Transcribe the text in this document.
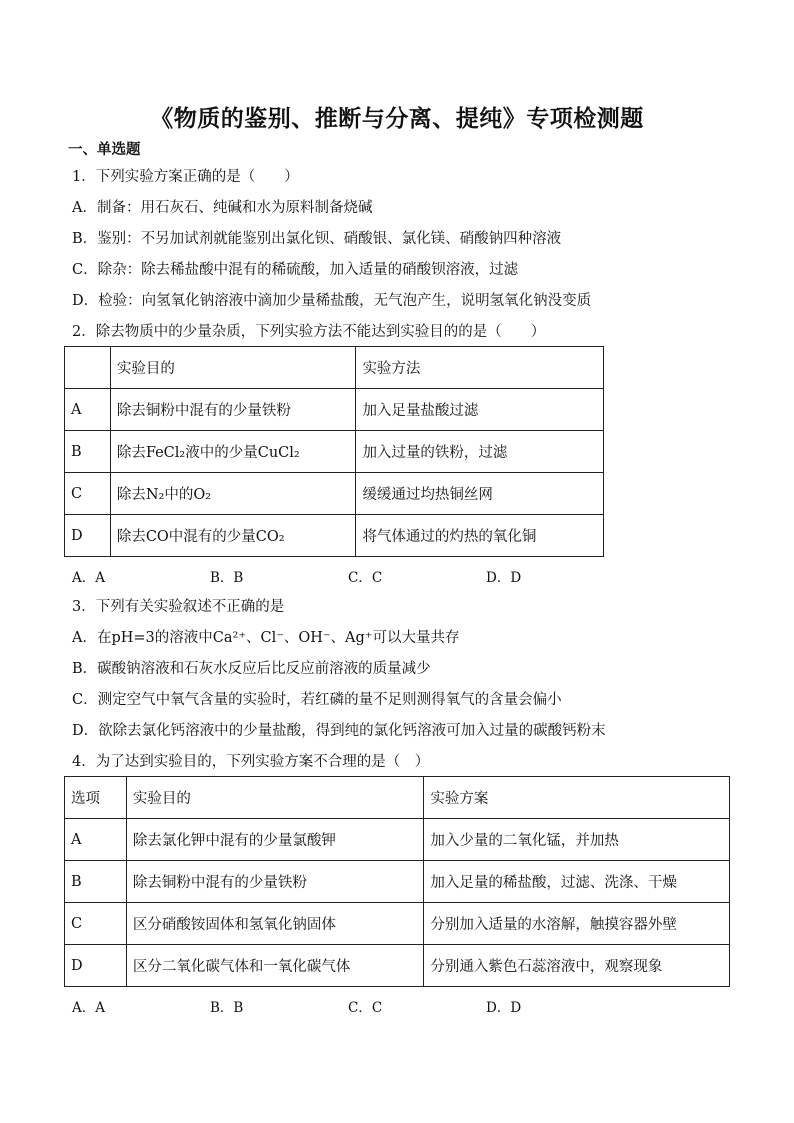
《物质的鉴别、推断与分离、提纯》专项检测题
一、单选题
1．下列实验方案正确的是（　　）
A．制备：用石灰石、纯碱和水为原料制备烧碱
B．鉴别：不另加试剂就能鉴别出氯化钡、硝酸银、氯化镁、硝酸钠四种溶液
C．除杂：除去稀盐酸中混有的稀硫酸，加入适量的硝酸钡溶液，过滤
D．检验：向氢氧化钠溶液中滴加少量稀盐酸，无气泡产生，说明氢氧化钠没变质
2．除去物质中的少量杂质，下列实验方法不能达到实验目的的是（　　）
	实验目的	实验方法
A	除去铜粉中混有的少量铁粉	加入足量盐酸过滤
B	除去FeCl₂液中的少量CuCl₂	加入过量的铁粉，过滤
C	除去N₂中的O₂	缓缓通过均热铜丝网
D	除去CO中混有的少量CO₂	将气体通过的灼热的氧化铜
A．A	B．B	C．C	D．D
3．下列有关实验叙述不正确的是
A．在pH=3的溶液中Ca²⁺、Cl⁻、OH⁻、Ag⁺可以大量共存
B．碳酸钠溶液和石灰水反应后比反应前溶液的质量减少
C．测定空气中氧气含量的实验时，若红磷的量不足则测得氧气的含量会偏小
D．欲除去氯化钙溶液中的少量盐酸，得到纯的氯化钙溶液可加入过量的碳酸钙粉末
4．为了达到实验目的，下列实验方案不合理的是（　）
选项	实验目的	实验方案
A	除去氯化钾中混有的少量氯酸钾	加入少量的二氧化锰，并加热
B	除去铜粉中混有的少量铁粉	加入足量的稀盐酸，过滤、洗涤、干燥
C	区分硝酸铵固体和氢氧化钠固体	分别加入适量的水溶解，触摸容器外壁
D	区分二氧化碳气体和一氧化碳气体	分别通入紫色石蕊溶液中，观察现象
A．A	B．B	C．C	D．D
